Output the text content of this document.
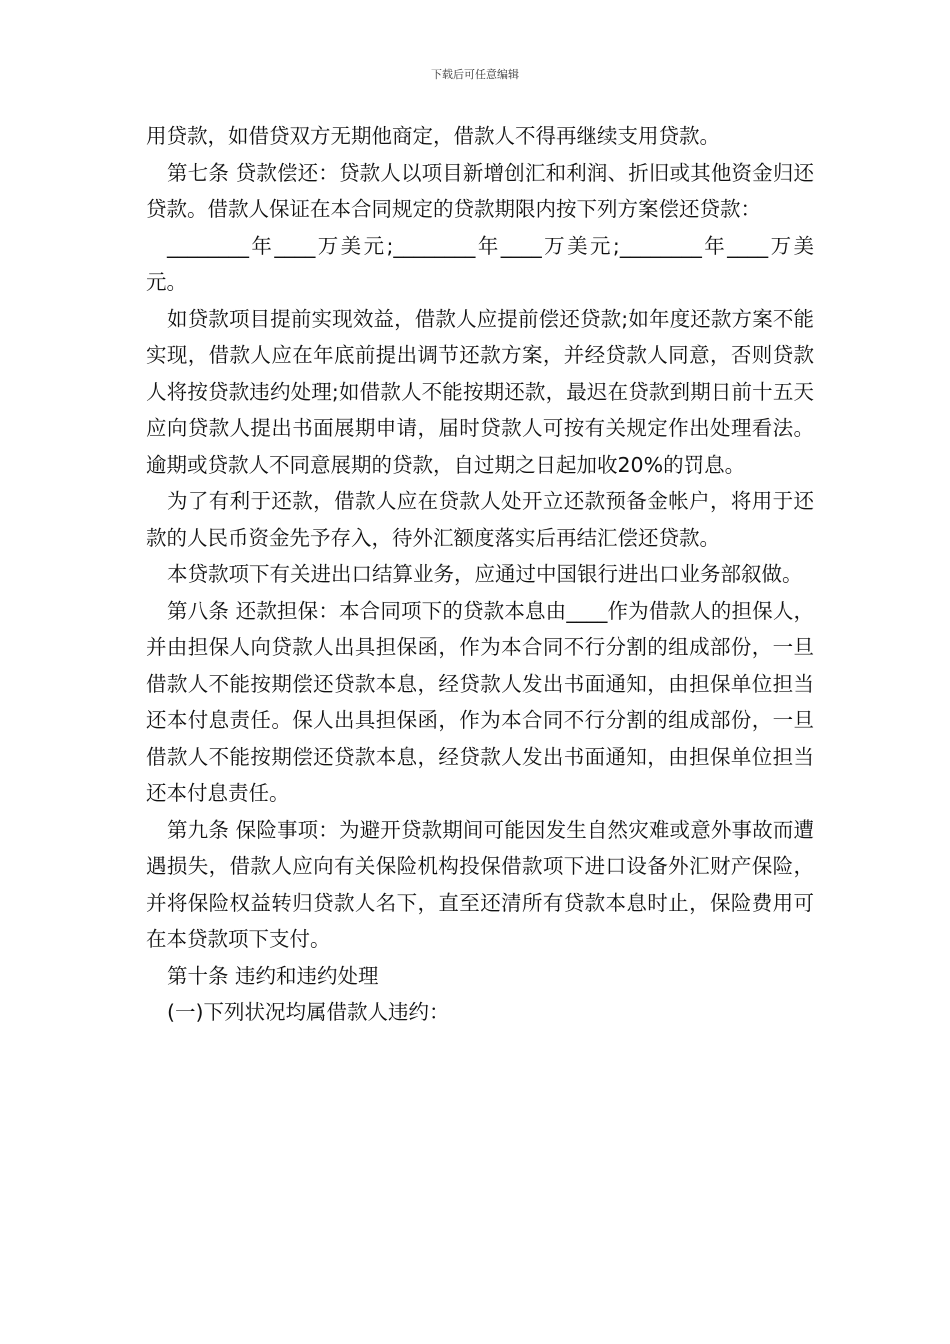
下载后可任意编辑

用贷款，如借贷双方无期他商定，借款人不得再继续支用贷款。

第七条 贷款偿还：贷款人以项目新增创汇和利润、折旧或其他资金归还贷款。借款人保证在本合同规定的贷款期限内按下列方案偿还贷款：

________年____万美元;________年____万美元;________年____万美元。

如贷款项目提前实现效益，借款人应提前偿还贷款;如年度还款方案不能实现，借款人应在年底前提出调节还款方案，并经贷款人同意，否则贷款人将按贷款违约处理;如借款人不能按期还款，最迟在贷款到期日前十五天应向贷款人提出书面展期申请，届时贷款人可按有关规定作出处理看法。逾期或贷款人不同意展期的贷款，自过期之日起加收20%的罚息。

为了有利于还款，借款人应在贷款人处开立还款预备金帐户，将用于还款的人民币资金先予存入，待外汇额度落实后再结汇偿还贷款。

本贷款项下有关进出口结算业务，应通过中国银行进出口业务部叙做。

第八条 还款担保：本合同项下的贷款本息由____作为借款人的担保人，并由担保人向贷款人出具担保函，作为本合同不行分割的组成部份，一旦借款人不能按期偿还贷款本息，经贷款人发出书面通知，由担保单位担当还本付息责任。保人出具担保函，作为本合同不行分割的组成部份，一旦借款人不能按期偿还贷款本息，经贷款人发出书面通知，由担保单位担当还本付息责任。

第九条 保险事项：为避开贷款期间可能因发生自然灾难或意外事故而遭遇损失，借款人应向有关保险机构投保借款项下进口设备外汇财产保险，并将保险权益转归贷款人名下，直至还清所有贷款本息时止，保险费用可在本贷款项下支付。

第十条 违约和违约处理

(一)下列状况均属借款人违约：
